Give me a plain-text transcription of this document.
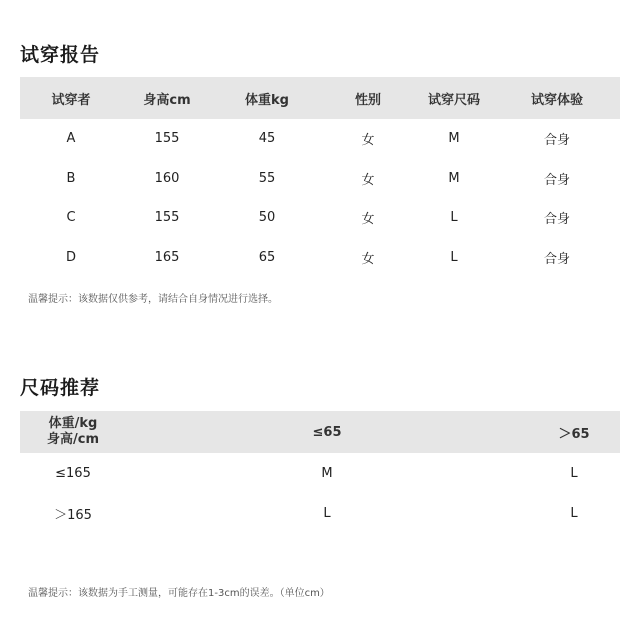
试穿报告
试穿者	身高cm	体重kg	性别	试穿尺码	试穿体验
A	155	45	女	M	合身
B	160	55	女	M	合身
C	155	50	女	L	合身
D	165	65	女	L	合身
温馨提示：该数据仅供参考，请结合自身情况进行选择。
尺码推荐
体重/kg
身高/cm	≤65	＞65
≤165	M	L
＞165	L	L
温馨提示：该数据为手工测量，可能存在1-3cm的误差。（单位cm）
